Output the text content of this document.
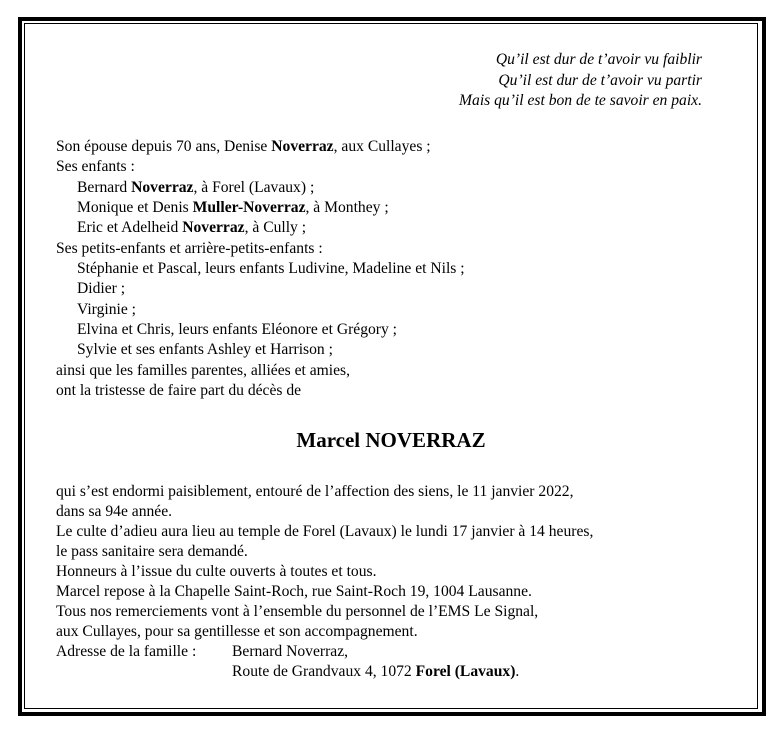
Qu’il est dur de t’avoir vu faiblir
Qu’il est dur de t’avoir vu partir
Mais qu’il est bon de te savoir en paix.
Son épouse depuis 70 ans, Denise Noverraz, aux Cullayes ;
Ses enfants :
Bernard Noverraz, à Forel (Lavaux) ;
Monique et Denis Muller-Noverraz, à Monthey ;
Eric et Adelheid Noverraz, à Cully ;
Ses petits-enfants et arrière-petits-enfants :
Stéphanie et Pascal, leurs enfants Ludivine, Madeline et Nils ;
Didier ;
Virginie ;
Elvina et Chris, leurs enfants Eléonore et Grégory ;
Sylvie et ses enfants Ashley et Harrison ;
ainsi que les familles parentes, alliées et amies,
ont la tristesse de faire part du décès de
Marcel NOVERRAZ
qui s’est endormi paisiblement, entouré de l’affection des siens, le 11 janvier 2022,
dans sa 94e année.
Le culte d’adieu aura lieu au temple de Forel (Lavaux) le lundi 17 janvier à 14 heures,
le pass sanitaire sera demandé.
Honneurs à l’issue du culte ouverts à toutes et tous.
Marcel repose à la Chapelle Saint-Roch, rue Saint-Roch 19, 1004 Lausanne.
Tous nos remerciements vont à l’ensemble du personnel de l’EMS Le Signal,
aux Cullayes, pour sa gentillesse et son accompagnement.
Adresse de la famille : Bernard Noverraz,
Route de Grandvaux 4, 1072 Forel (Lavaux).
